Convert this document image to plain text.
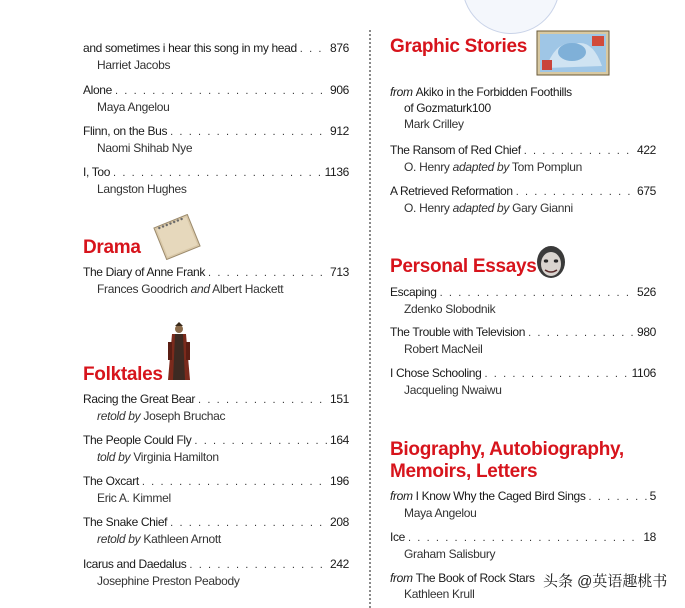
and sometimes i hear this song in my head . . .	876
Harriet Jacobs
Alone . . .	906
Maya Angelou
Flinn, on the Bus . . .	912
Naomi Shihab Nye
I, Too . . .	1136
Langston Hughes
Drama
The Diary of Anne Frank . . .	713
Frances Goodrich and Albert Hackett
Folktales
Racing the Great Bear . . .	151
retold by Joseph Bruchac
The People Could Fly . . .	164
told by Virginia Hamilton
The Oxcart . . .	196
Eric A. Kimmel
The Snake Chief . . .	208
retold by Kathleen Arnott
Icarus and Daedalus . . .	242
Josephine Preston Peabody
Graphic Stories
from Akiko in the Forbidden Foothills
of Gozmaturk 100
Mark Crilley
The Ransom of Red Chief . . .	422
O. Henry adapted by Tom Pomplun
A Retrieved Reformation . . .	675
O. Henry adapted by Gary Gianni
Personal Essays
Escaping . . .	526
Zdenko Slobodnik
The Trouble with Television . . .	980
Robert MacNeil
I Chose Schooling . . .	1106
Jacqueling Nwaiwu
Biography, Autobiography,
Memoirs, Letters
from I Know Why the Caged Bird Sings . . .	5
Maya Angelou
Ice . . .	18
Graham Salisbury
from The Book of Rock Stars
Kathleen Krull
头条 @英语趣桃书
